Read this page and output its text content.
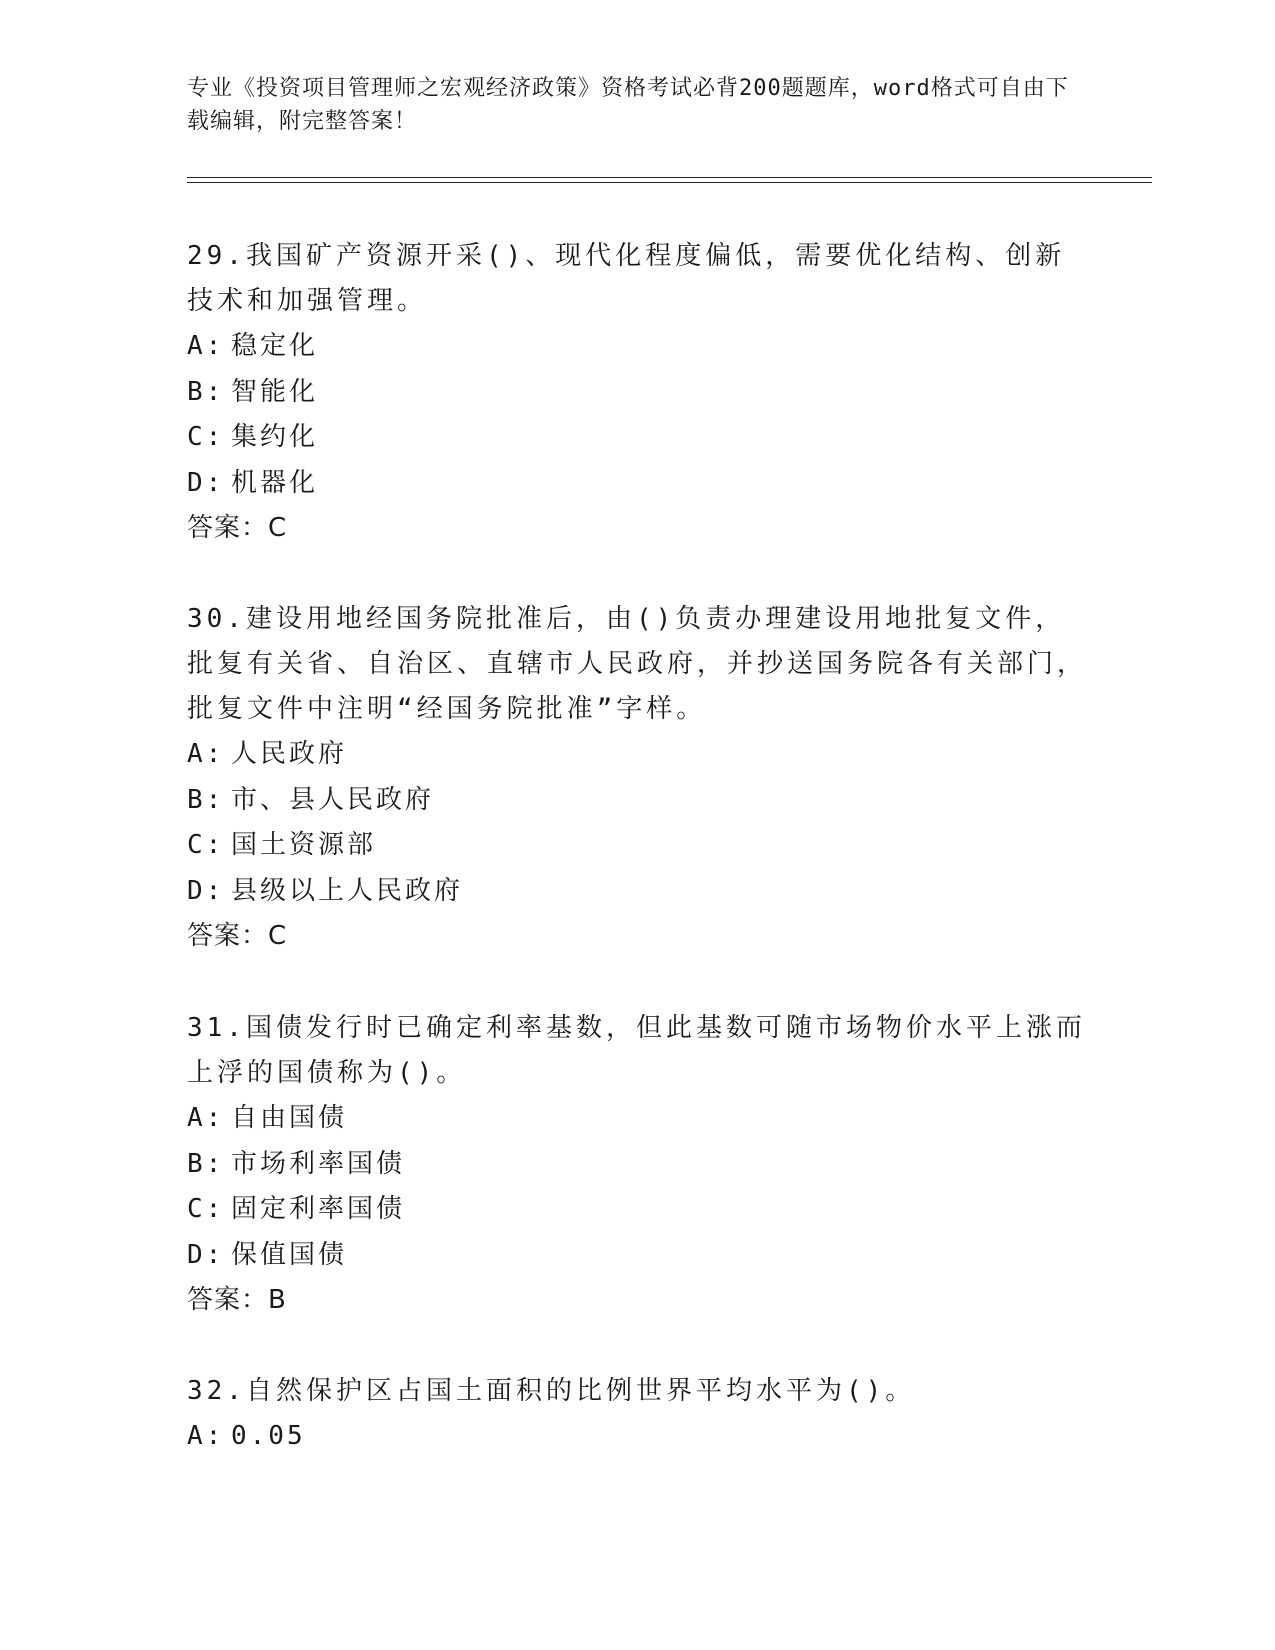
专业《投资项目管理师之宏观经济政策》资格考试必背200题题库，word格式可自由下载编辑，附完整答案！

29.我国矿产资源开采()、现代化程度偏低，需要优化结构、创新技术和加强管理。

A: 稳定化

B: 智能化

C: 集约化

D: 机器化

答案：C

30.建设用地经国务院批准后，由()负责办理建设用地批复文件，批复有关省、自治区、直辖市人民政府，并抄送国务院各有关部门，批复文件中注明“经国务院批准”字样。

A: 人民政府

B: 市、县人民政府

C: 国土资源部

D: 县级以上人民政府

答案：C

31.国债发行时已确定利率基数，但此基数可随市场物价水平上涨而上浮的国债称为()。

A: 自由国债

B: 市场利率国债

C: 固定利率国债

D: 保值国债

答案：B

32.自然保护区占国土面积的比例世界平均水平为()。

A: 0.05
